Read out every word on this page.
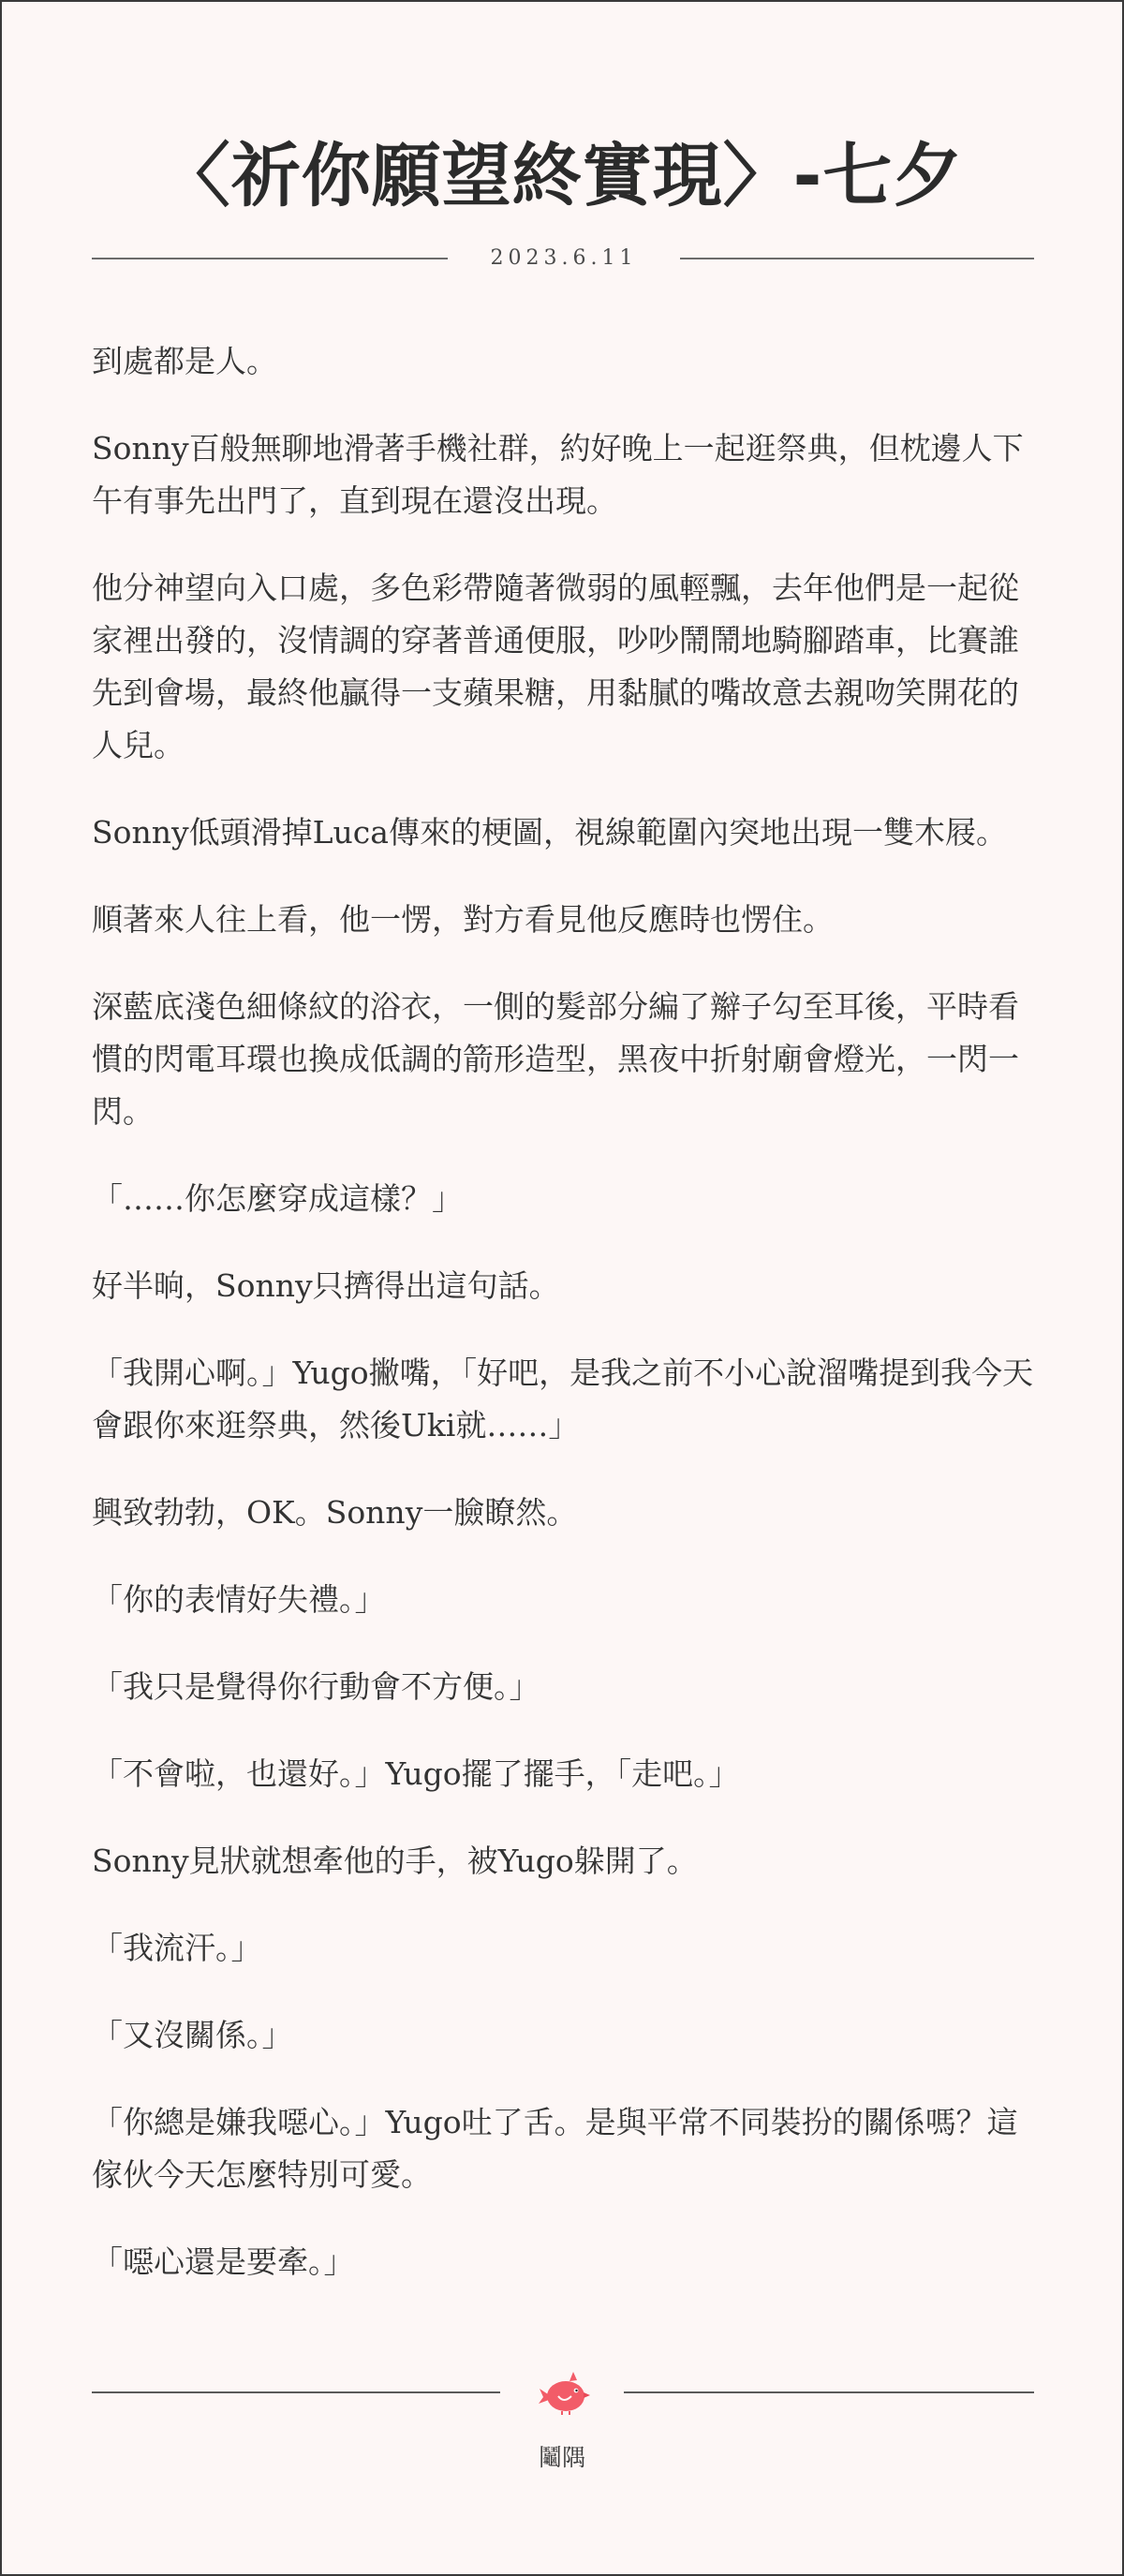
〈祈你願望終實現〉-七夕
2023.6.11

到處都是人。

Sonny百般無聊地滑著手機社群，約好晚上一起逛祭典，但枕邊人下午有事先出門了，直到現在還沒出現。

他分神望向入口處，多色彩帶隨著微弱的風輕飄，去年他們是一起從家裡出發的，沒情調的穿著普通便服，吵吵鬧鬧地騎腳踏車，比賽誰先到會場，最終他贏得一支蘋果糖，用黏膩的嘴故意去親吻笑開花的人兒。

Sonny低頭滑掉Luca傳來的梗圖，視線範圍內突地出現一雙木屐。

順著來人往上看，他一愣，對方看見他反應時也愣住。

深藍底淺色細條紋的浴衣，一側的髮部分編了辮子勾至耳後，平時看慣的閃電耳環也換成低調的箭形造型，黑夜中折射廟會燈光，一閃一閃。

「……你怎麼穿成這樣？」

好半晌，Sonny只擠得出這句話。

「我開心啊。」Yugo撇嘴，「好吧，是我之前不小心說溜嘴提到我今天會跟你來逛祭典，然後Uki就……」

興致勃勃，OK。Sonny一臉瞭然。

「你的表情好失禮。」

「我只是覺得你行動會不方便。」

「不會啦，也還好。」Yugo擺了擺手，「走吧。」

Sonny見狀就想牽他的手，被Yugo躲開了。

「我流汗。」

「又沒關係。」

「你總是嫌我噁心。」Yugo吐了舌。是與平常不同裝扮的關係嗎？這傢伙今天怎麼特別可愛。

「噁心還是要牽。」

鬮隅
